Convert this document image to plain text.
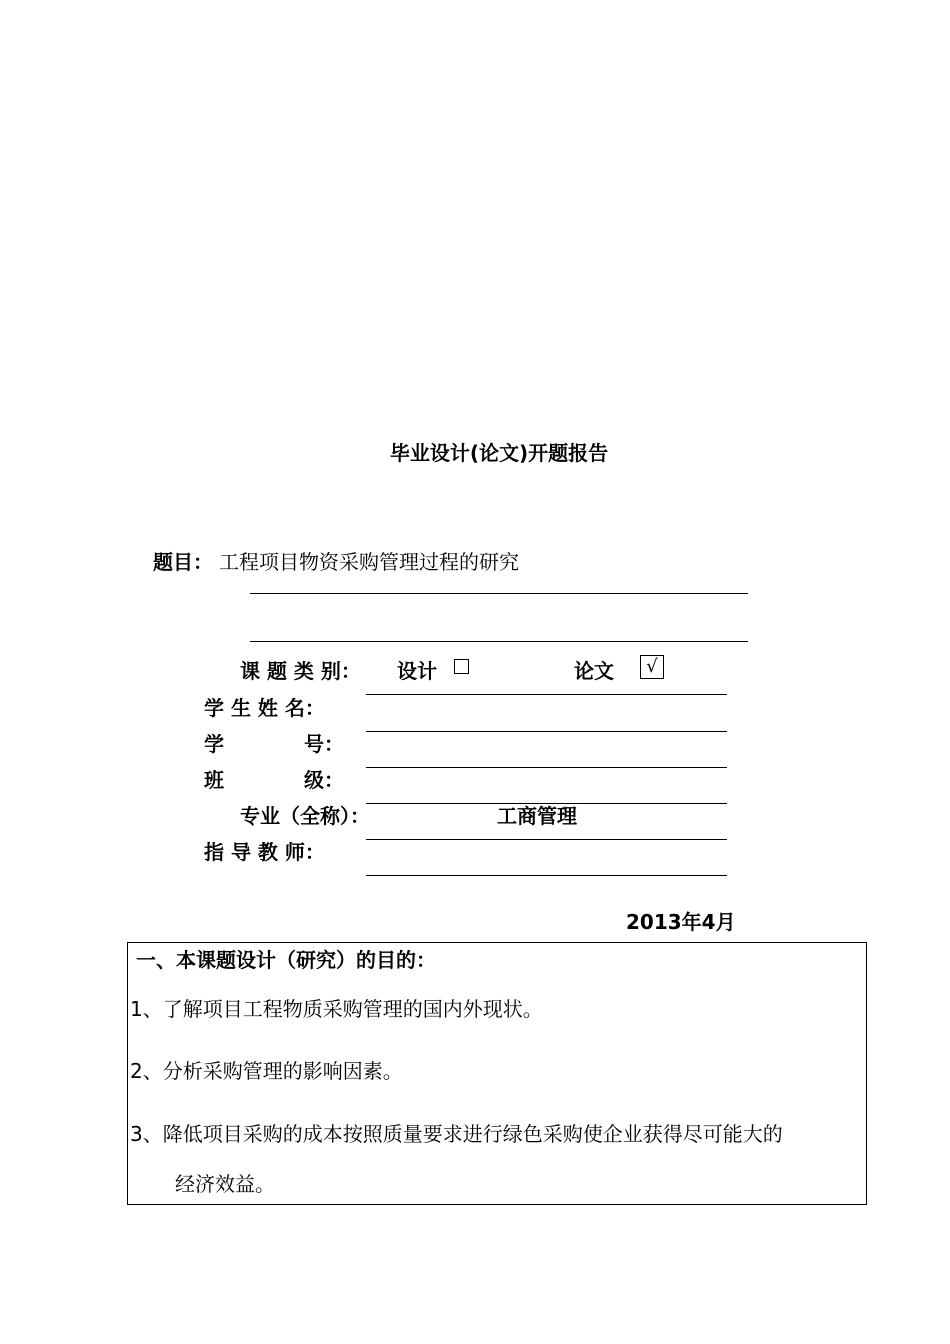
毕业设计(论文)开题报告
题目： 工程项目物资采购管理过程的研究
课 题 类 别： 设计	论文	√
学 生 姓 名：
学	号：
班	级：
专业（全称）：	工商管理
指 导 教 师：
2013年4月
一、本课题设计（研究）的目的：
1、了解项目工程物质采购管理的国内外现状。
2、分析采购管理的影响因素。
3、降低项目采购的成本按照质量要求进行绿色采购使企业获得尽可能大的
经济效益。
